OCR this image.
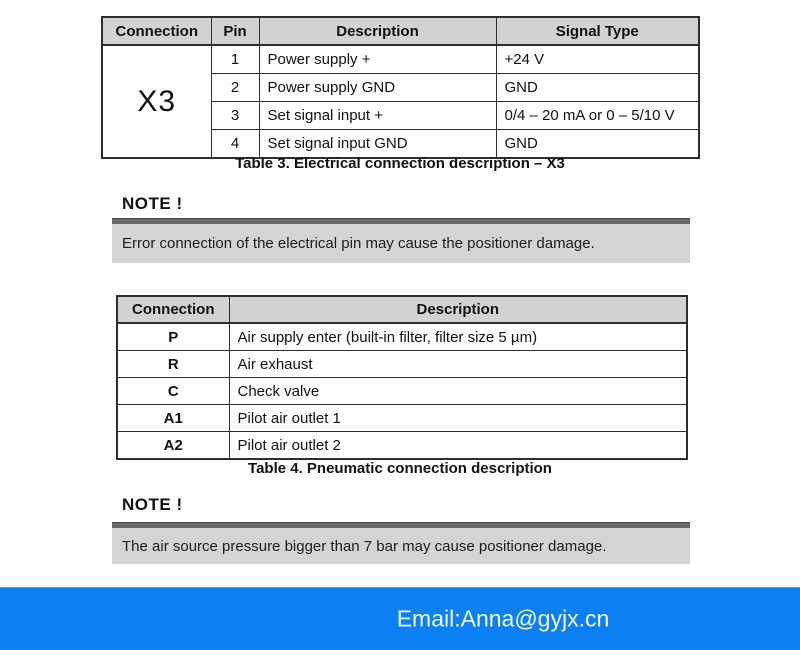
Connection	Pin	Description	Signal Type
X3	1	Power supply +	+24 V
	2	Power supply GND	GND
	3	Set signal input +	0/4 – 20 mA or 0 – 5/10 V
	4	Set signal input GND	GND
Table 3. Electrical connection description – X3
NOTE !
Error connection of the electrical pin may cause the positioner damage.
Connection	Description
P	Air supply enter (built-in filter, filter size 5 µm)
R	Air exhaust
C	Check valve
A1	Pilot air outlet 1
A2	Pilot air outlet 2
Table 4. Pneumatic connection description
NOTE !
The air source pressure bigger than 7 bar may cause positioner damage.
Email:Anna@gyjx.cn
